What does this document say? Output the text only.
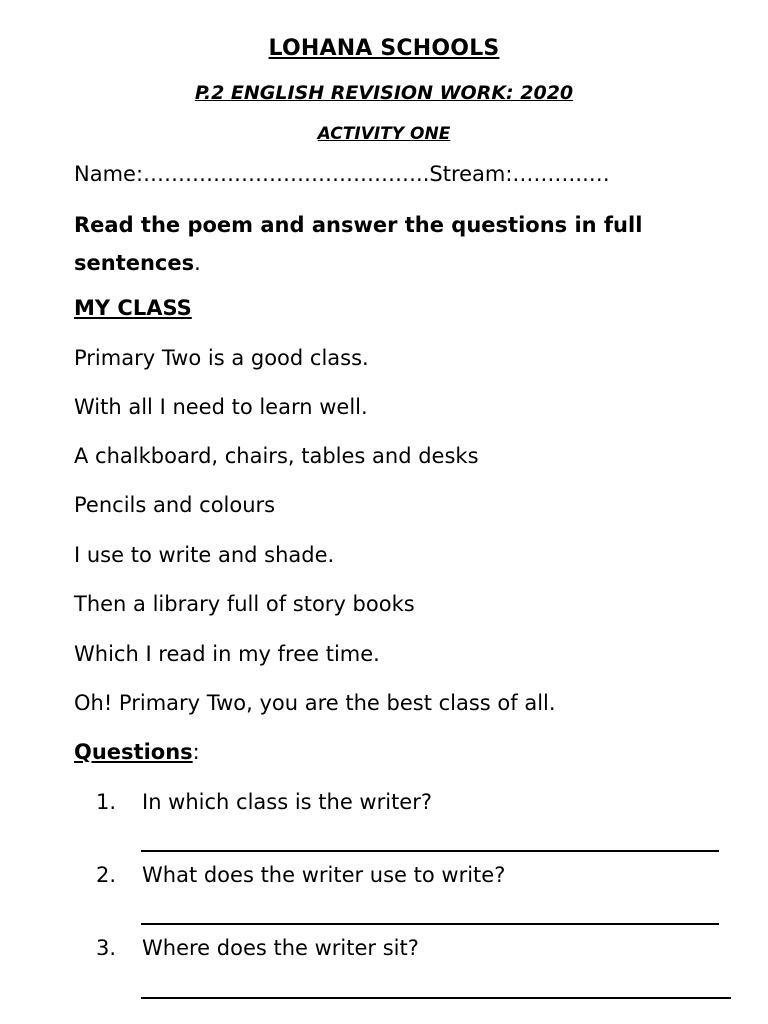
LOHANA SCHOOLS
P.2 ENGLISH REVISION WORK: 2020
ACTIVITY ONE
Name:…………………………………..Stream:………..…
Read the poem and answer the questions in full sentences.
MY CLASS
Primary Two is a good class.
With all I need to learn well.
A chalkboard, chairs, tables and desks
Pencils and colours
I use to write and shade.
Then a library full of story books
Which I read in my free time.
Oh! Primary Two, you are the best class of all.
Questions:
1. In which class is the writer?
2. What does the writer use to write?
3. Where does the writer sit?
